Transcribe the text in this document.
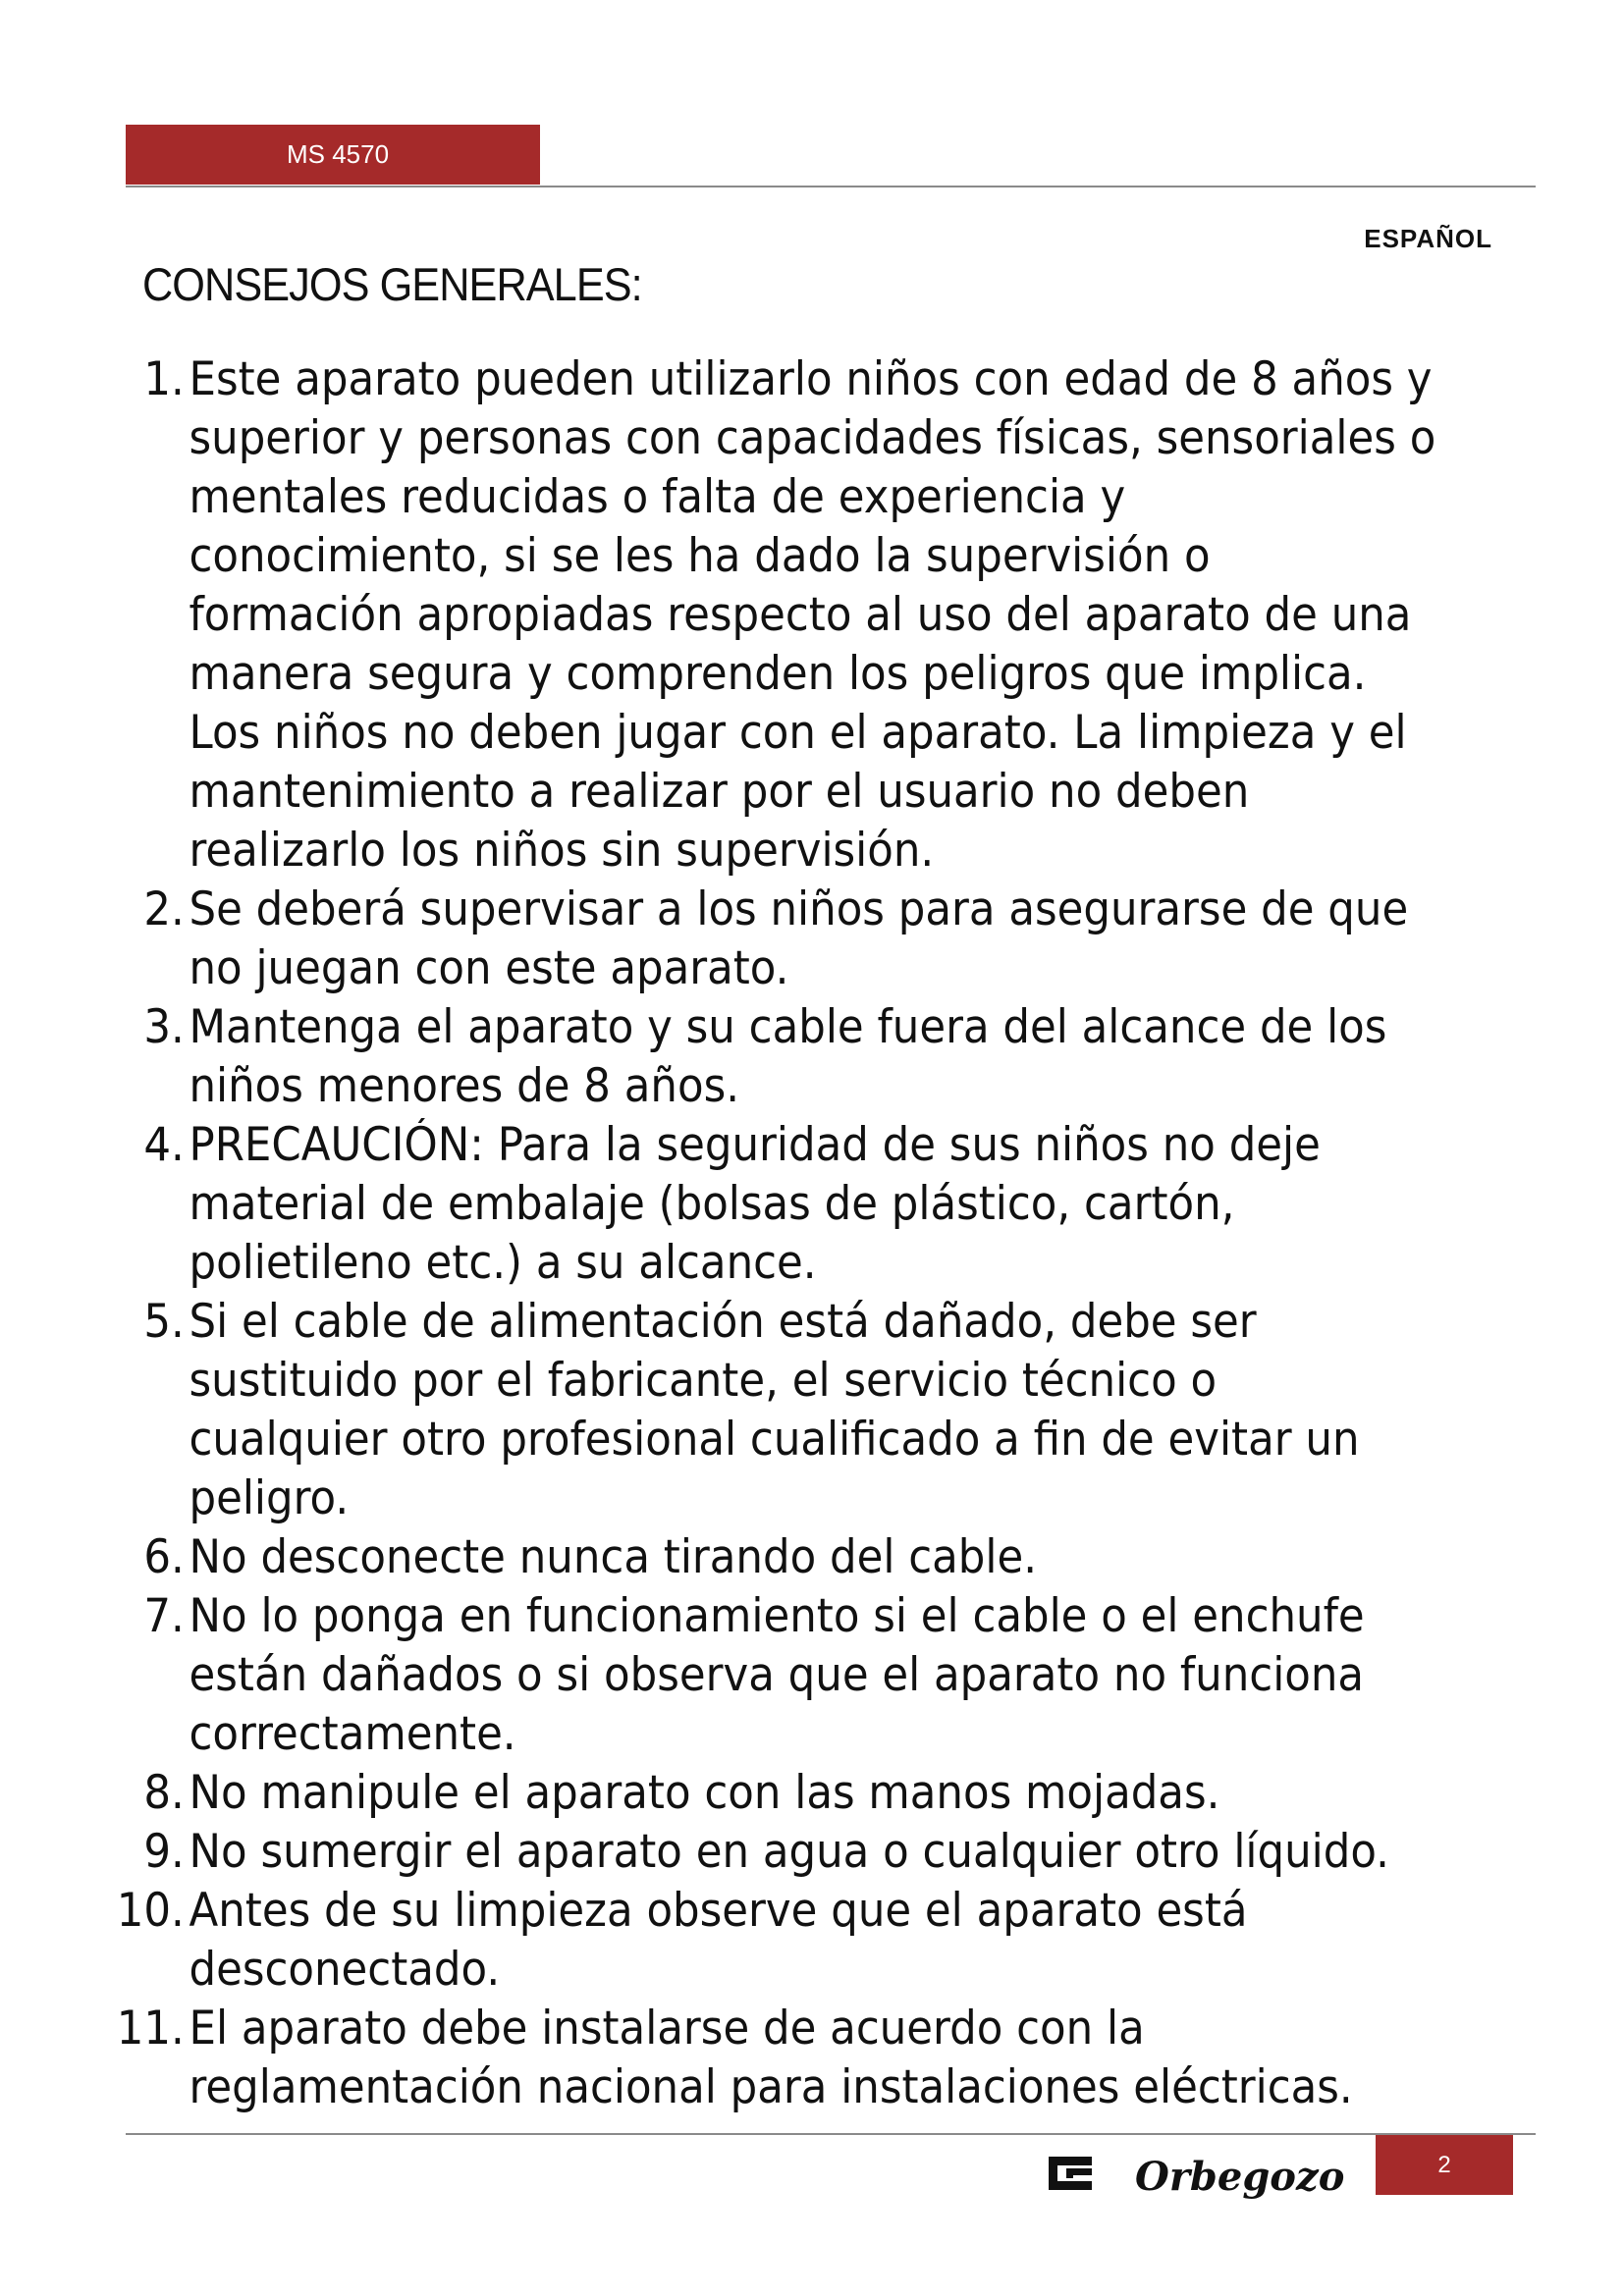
MS 4570
ESPAÑOL
CONSEJOS GENERALES:
1. Este aparato pueden utilizarlo niños con edad de 8 años y
superior y personas con capacidades físicas, sensoriales o
mentales reducidas o falta de experiencia y
conocimiento, si se les ha dado la supervisión o
formación apropiadas respecto al uso del aparato de una
manera segura y comprenden los peligros que implica.
Los niños no deben jugar con el aparato. La limpieza y el
mantenimiento a realizar por el usuario no deben
realizarlo los niños sin supervisión.
2. Se deberá supervisar a los niños para asegurarse de que
no juegan con este aparato.
3. Mantenga el aparato y su cable fuera del alcance de los
niños menores de 8 años.
4. PRECAUCIÓN: Para la seguridad de sus niños no deje
material de embalaje (bolsas de plástico, cartón,
polietileno etc.) a su alcance.
5. Si el cable de alimentación está dañado, debe ser
sustituido por el fabricante, el servicio técnico o
cualquier otro profesional cualificado a fin de evitar un
peligro.
6. No desconecte nunca tirando del cable.
7. No lo ponga en funcionamiento si el cable o el enchufe
están dañados o si observa que el aparato no funciona
correctamente.
8. No manipule el aparato con las manos mojadas.
9. No sumergir el aparato en agua o cualquier otro líquido.
10. Antes de su limpieza observe que el aparato está
desconectado.
11. El aparato debe instalarse de acuerdo con la
reglamentación nacional para instalaciones eléctricas.
Orbegozo	2
